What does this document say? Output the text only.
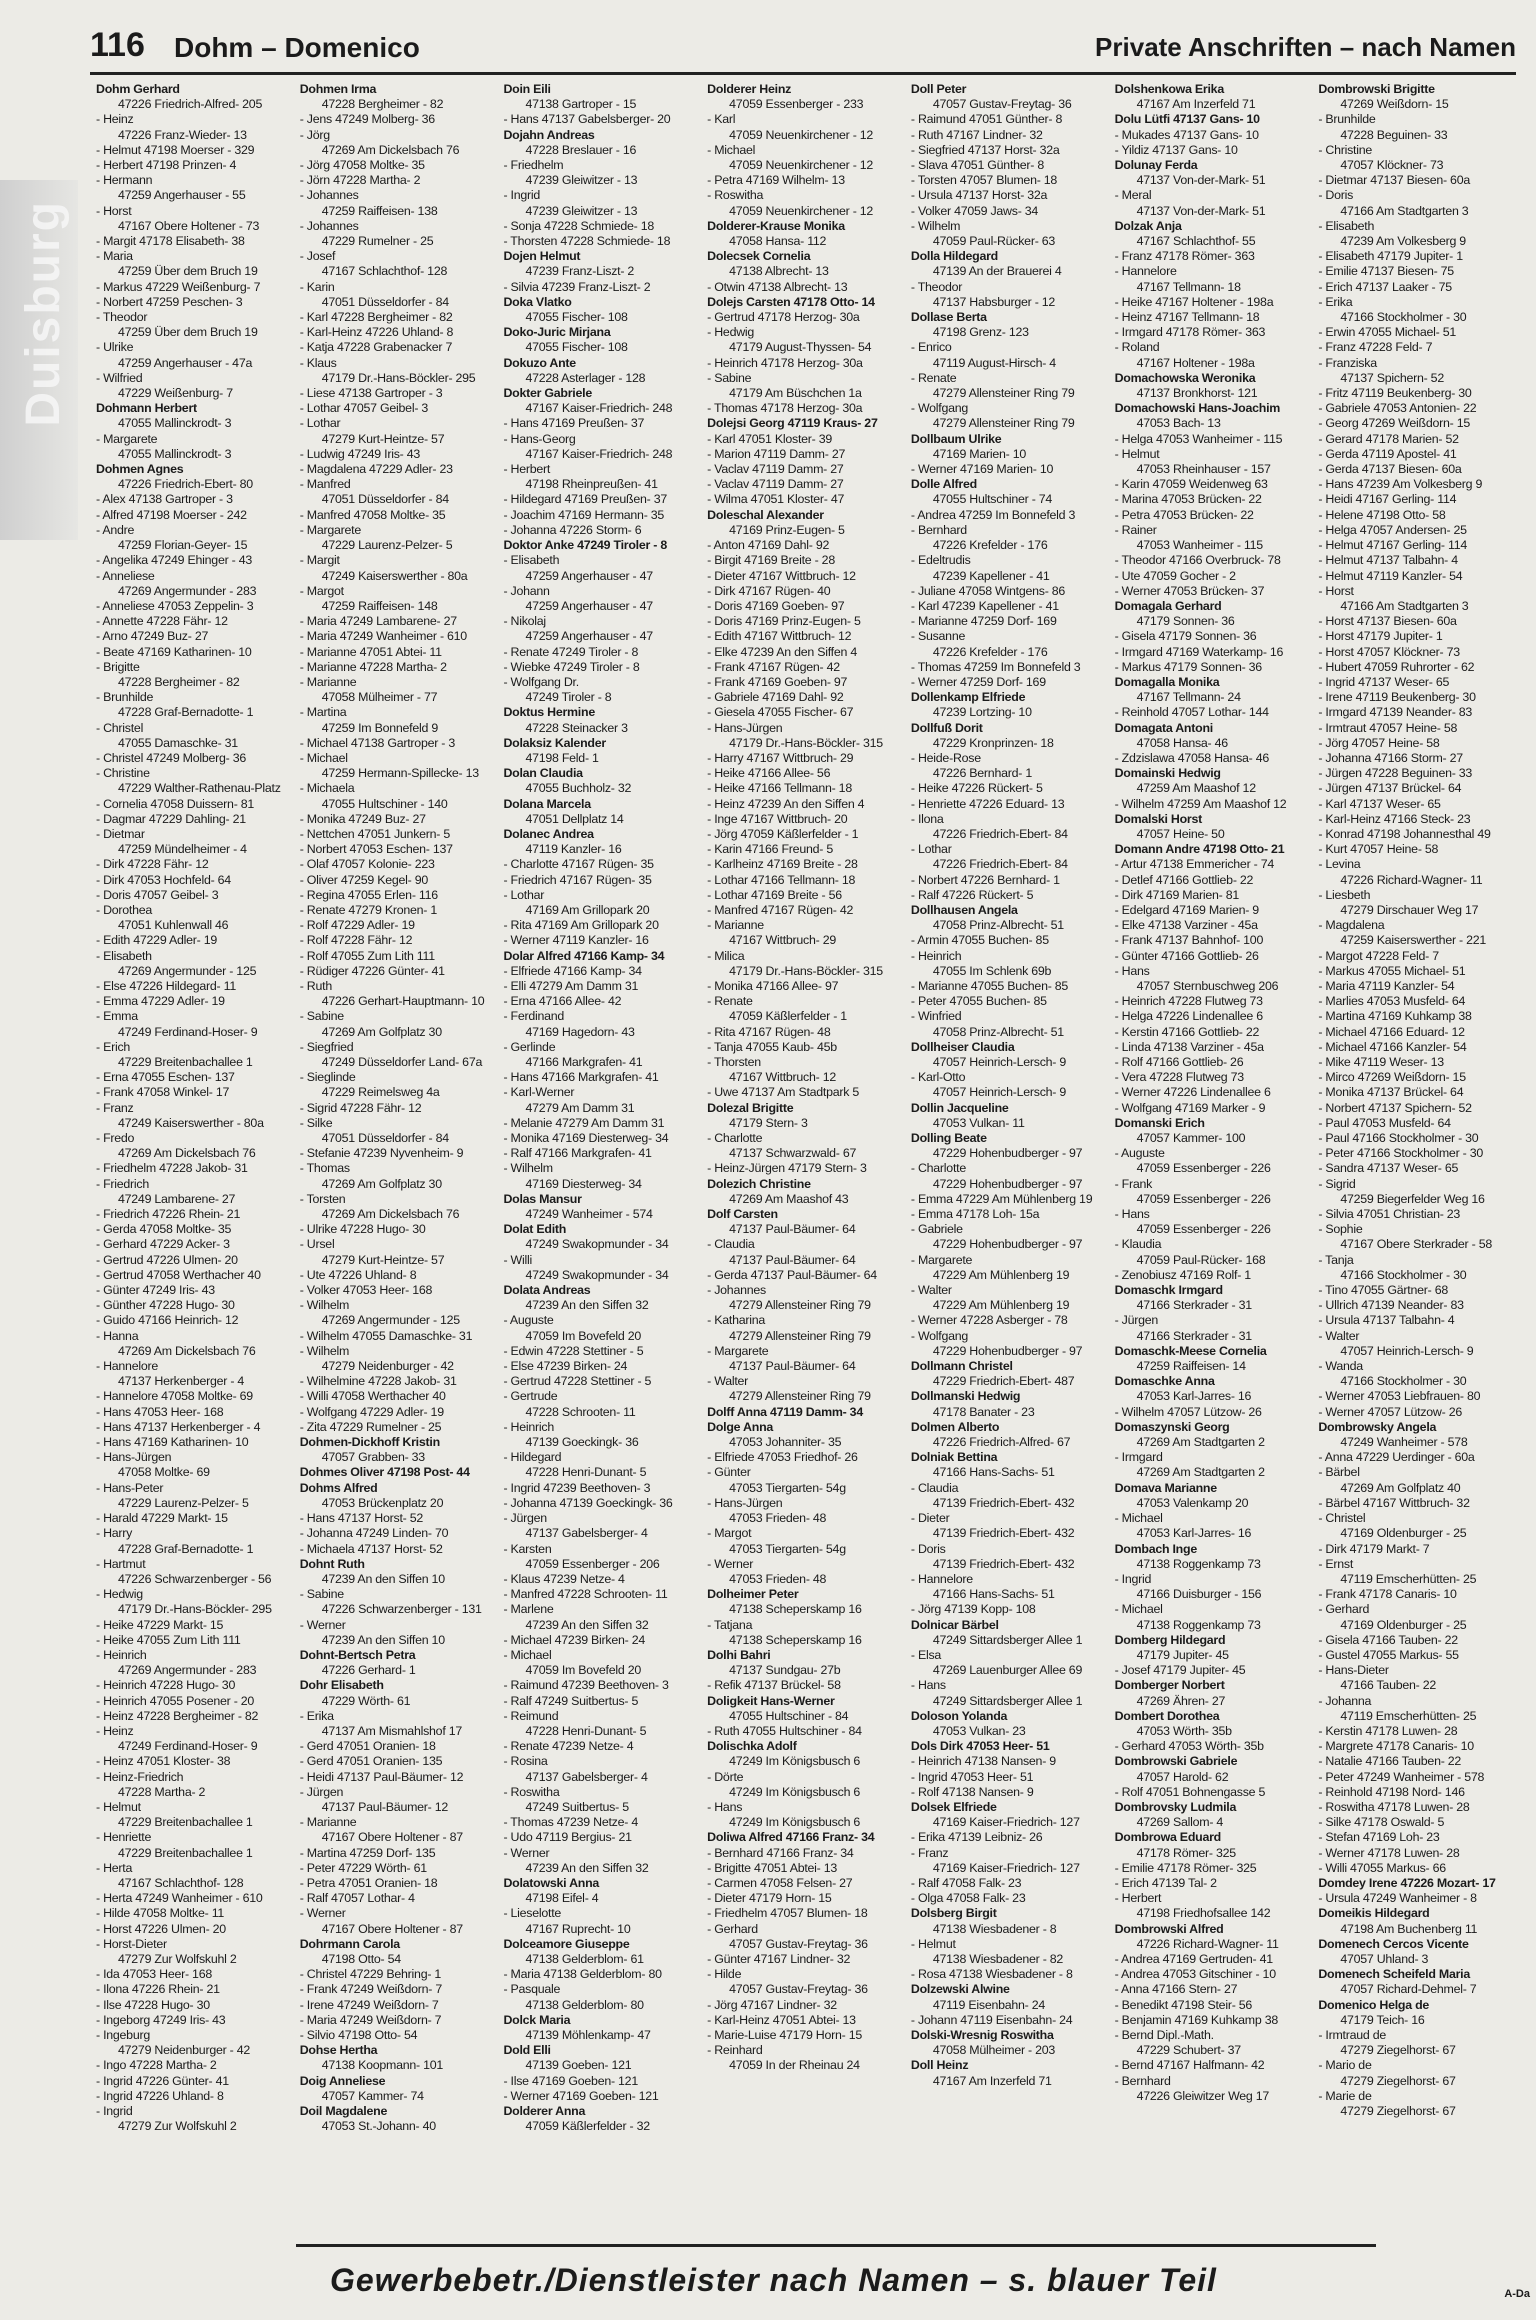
116 Dohm – Domenico	Private Anschriften – nach Namen
Duisburg
Dohm Gerhard
47226 Friedrich-Alfred- 205
- Heinz
47226 Franz-Wieder- 13
- Helmut 47198 Moerser - 329
- Herbert 47198 Prinzen- 4
- Hermann
47259 Angerhauser - 55
- Horst
47167 Obere Holtener - 73
- Margit 47178 Elisabeth- 38
- Maria
47259 Über dem Bruch 19
- Markus 47229 Weißenburg- 7
- Norbert 47259 Peschen- 3
- Theodor
47259 Über dem Bruch 19
- Ulrike
47259 Angerhauser - 47a
- Wilfried
47229 Weißenburg- 7
Dohmann Herbert
47055 Mallinckrodt- 3
- Margarete
47055 Mallinckrodt- 3
Dohmen Agnes
47226 Friedrich-Ebert- 80
- Alex 47138 Gartroper - 3
- Alfred 47198 Moerser - 242
- Andre
47259 Florian-Geyer- 15
- Angelika 47249 Ehinger - 43
- Anneliese
47269 Angermunder - 283
- Anneliese 47053 Zeppelin- 3
- Annette 47228 Fähr- 12
- Arno 47249 Buz- 27
- Beate 47169 Katharinen- 10
- Brigitte
47228 Bergheimer - 82
- Brunhilde
47228 Graf-Bernadotte- 1
- Christel
47055 Damaschke- 31
- Christel 47249 Molberg- 36
- Christine
47229 Walther-Rathenau-Platz
- Cornelia 47058 Duissern- 81
- Dagmar 47229 Dahling- 21
- Dietmar
47259 Mündelheimer - 4
- Dirk 47228 Fähr- 12
- Dirk 47053 Hochfeld- 64
- Doris 47057 Geibel- 3
- Dorothea
47051 Kuhlenwall 46
- Edith 47229 Adler- 19
- Elisabeth
47269 Angermunder - 125
- Else 47226 Hildegard- 11
- Emma 47229 Adler- 19
- Emma
47249 Ferdinand-Hoser- 9
- Erich
47229 Breitenbachallee 1
- Erna 47055 Eschen- 137
- Frank 47058 Winkel- 17
- Franz
47249 Kaiserswerther - 80a
- Fredo
47269 Am Dickelsbach 76
- Friedhelm 47228 Jakob- 31
- Friedrich
47249 Lambarene- 27
- Friedrich 47226 Rhein- 21
- Gerda 47058 Moltke- 35
- Gerhard 47229 Acker- 3
- Gertrud 47226 Ulmen- 20
- Gertrud 47058 Werthacher 40
- Günter 47249 Iris- 43
- Günther 47228 Hugo- 30
- Guido 47166 Heinrich- 12
- Hanna
47269 Am Dickelsbach 76
- Hannelore
47137 Herkenberger - 4
- Hannelore 47058 Moltke- 69
- Hans 47053 Heer- 168
- Hans 47137 Herkenberger - 4
- Hans 47169 Katharinen- 10
- Hans-Jürgen
47058 Moltke- 69
- Hans-Peter
47229 Laurenz-Pelzer- 5
- Harald 47229 Markt- 15
- Harry
47228 Graf-Bernadotte- 1
- Hartmut
47226 Schwarzenberger - 56
- Hedwig
47179 Dr.-Hans-Böckler- 295
- Heike 47229 Markt- 15
- Heike 47055 Zum Lith 111
- Heinrich
47269 Angermunder - 283
- Heinrich 47228 Hugo- 30
- Heinrich 47055 Posener - 20
- Heinz 47228 Bergheimer - 82
- Heinz
47249 Ferdinand-Hoser- 9
- Heinz 47051 Kloster- 38
- Heinz-Friedrich
47228 Martha- 2
- Helmut
47229 Breitenbachallee 1
- Henriette
47229 Breitenbachallee 1
- Herta
47167 Schlachthof- 128
- Herta 47249 Wanheimer - 610
- Hilde 47058 Moltke- 11
- Horst 47226 Ulmen- 20
- Horst-Dieter
47279 Zur Wolfskuhl 2
- Ida 47053 Heer- 168
- Ilona 47226 Rhein- 21
- Ilse 47228 Hugo- 30
- Ingeborg 47249 Iris- 43
- Ingeburg
47279 Neidenburger - 42
- Ingo 47228 Martha- 2
- Ingrid 47226 Günter- 41
- Ingrid 47226 Uhland- 8
- Ingrid
47279 Zur Wolfskuhl 2
Dohmen Irma
47228 Bergheimer - 82
- Jens 47249 Molberg- 36
- Jörg
47269 Am Dickelsbach 76
- Jörg 47058 Moltke- 35
- Jörn 47228 Martha- 2
- Johannes
47259 Raiffeisen- 138
- Johannes
47229 Rumelner - 25
- Josef
47167 Schlachthof- 128
- Karin
47051 Düsseldorfer - 84
- Karl 47228 Bergheimer - 82
- Karl-Heinz 47226 Uhland- 8
- Katja 47228 Grabenacker 7
- Klaus
47179 Dr.-Hans-Böckler- 295
- Liese 47138 Gartroper - 3
- Lothar 47057 Geibel- 3
- Lothar
47279 Kurt-Heintze- 57
- Ludwig 47249 Iris- 43
- Magdalena 47229 Adler- 23
- Manfred
47051 Düsseldorfer - 84
- Manfred 47058 Moltke- 35
- Margarete
47229 Laurenz-Pelzer- 5
- Margit
47249 Kaiserswerther - 80a
- Margot
47259 Raiffeisen- 148
- Maria 47249 Lambarene- 27
- Maria 47249 Wanheimer - 610
- Marianne 47051 Abtei- 11
- Marianne 47228 Martha- 2
- Marianne
47058 Mülheimer - 77
- Martina
47259 Im Bonnefeld 9
- Michael 47138 Gartroper - 3
- Michael
47259 Hermann-Spillecke- 13
- Michaela
47055 Hultschiner - 140
- Monika 47249 Buz- 27
- Nettchen 47051 Junkern- 5
- Norbert 47053 Eschen- 137
- Olaf 47057 Kolonie- 223
- Oliver 47259 Kegel- 90
- Regina 47055 Erlen- 116
- Renate 47279 Kronen- 1
- Rolf 47229 Adler- 19
- Rolf 47228 Fähr- 12
- Rolf 47055 Zum Lith 111
- Rüdiger 47226 Günter- 41
- Ruth
47226 Gerhart-Hauptmann- 10
- Sabine
47269 Am Golfplatz 30
- Siegfried
47249 Düsseldorfer Land- 67a
- Sieglinde
47229 Reimelsweg 4a
- Sigrid 47228 Fähr- 12
- Silke
47051 Düsseldorfer - 84
- Stefanie 47239 Nyvenheim- 9
- Thomas
47269 Am Golfplatz 30
- Torsten
47269 Am Dickelsbach 76
- Ulrike 47228 Hugo- 30
- Ursel
47279 Kurt-Heintze- 57
- Ute 47226 Uhland- 8
- Volker 47053 Heer- 168
- Wilhelm
47269 Angermunder - 125
- Wilhelm 47055 Damaschke- 31
- Wilhelm
47279 Neidenburger - 42
- Wilhelmine 47228 Jakob- 31
- Willi 47058 Werthacher 40
- Wolfgang 47229 Adler- 19
- Zita 47229 Rumelner - 25
Dohmen-Dickhoff Kristin
47057 Grabben- 33
Dohmes Oliver 47198 Post- 44
Dohms Alfred
47053 Brückenplatz 20
- Hans 47137 Horst- 52
- Johanna 47249 Linden- 70
- Michaela 47137 Horst- 52
Dohnt Ruth
47239 An den Siffen 10
- Sabine
47226 Schwarzenberger - 131
- Werner
47239 An den Siffen 10
Dohnt-Bertsch Petra
47226 Gerhard- 1
Dohr Elisabeth
47229 Wörth- 61
- Erika
47137 Am Mismahlshof 17
- Gerd 47051 Oranien- 18
- Gerd 47051 Oranien- 135
- Heidi 47137 Paul-Bäumer- 12
- Jürgen
47137 Paul-Bäumer- 12
- Marianne
47167 Obere Holtener - 87
- Martina 47259 Dorf- 135
- Peter 47229 Wörth- 61
- Petra 47051 Oranien- 18
- Ralf 47057 Lothar- 4
- Werner
47167 Obere Holtener - 87
Dohrmann Carola
47198 Otto- 54
- Christel 47229 Behring- 1
- Frank 47249 Weißdorn- 7
- Irene 47249 Weißdorn- 7
- Maria 47249 Weißdorn- 7
- Silvio 47198 Otto- 54
Dohse Hertha
47138 Koopmann- 101
Doig Anneliese
47057 Kammer- 74
Doil Magdalene
47053 St.-Johann- 40
Doin Eili
47138 Gartroper - 15
- Hans 47137 Gabelsberger- 20
Dojahn Andreas
47228 Breslauer - 16
- Friedhelm
47239 Gleiwitzer - 13
- Ingrid
47239 Gleiwitzer - 13
- Sonja 47228 Schmiede- 18
- Thorsten 47228 Schmiede- 18
Dojen Helmut
47239 Franz-Liszt- 2
- Silvia 47239 Franz-Liszt- 2
Doka Vlatko
47055 Fischer- 108
Doko-Juric Mirjana
47055 Fischer- 108
Dokuzo Ante
47228 Asterlager - 128
Dokter Gabriele
47167 Kaiser-Friedrich- 248
- Hans 47169 Preußen- 37
- Hans-Georg
47167 Kaiser-Friedrich- 248
- Herbert
47198 Rheinpreußen- 41
- Hildegard 47169 Preußen- 37
- Joachim 47169 Hermann- 35
- Johanna 47226 Storm- 6
Doktor Anke 47249 Tiroler - 8
- Elisabeth
47259 Angerhauser - 47
- Johann
47259 Angerhauser - 47
- Nikolaj
47259 Angerhauser - 47
- Renate 47249 Tiroler - 8
- Wiebke 47249 Tiroler - 8
- Wolfgang Dr.
47249 Tiroler - 8
Doktus Hermine
47228 Steinacker 3
Dolaksiz Kalender
47198 Feld- 1
Dolan Claudia
47055 Buchholz- 32
Dolana Marcela
47051 Dellplatz 14
Dolanec Andrea
47119 Kanzler- 16
- Charlotte 47167 Rügen- 35
- Friedrich 47167 Rügen- 35
- Lothar
47169 Am Grillopark 20
- Rita 47169 Am Grillopark 20
- Werner 47119 Kanzler- 16
Dolar Alfred 47166 Kamp- 34
- Elfriede 47166 Kamp- 34
- Elli 47279 Am Damm 31
- Erna 47166 Allee- 42
- Ferdinand
47169 Hagedorn- 43
- Gerlinde
47166 Markgrafen- 41
- Hans 47166 Markgrafen- 41
- Karl-Werner
47279 Am Damm 31
- Melanie 47279 Am Damm 31
- Monika 47169 Diesterweg- 34
- Ralf 47166 Markgrafen- 41
- Wilhelm
47169 Diesterweg- 34
Dolas Mansur
47249 Wanheimer - 574
Dolat Edith
47249 Swakopmunder - 34
- Willi
47249 Swakopmunder - 34
Dolata Andreas
47239 An den Siffen 32
- Auguste
47059 Im Bovefeld 20
- Edwin 47228 Stettiner - 5
- Else 47239 Birken- 24
- Gertrud 47228 Stettiner - 5
- Gertrude
47228 Schrooten- 11
- Heinrich
47139 Goeckingk- 36
- Hildegard
47228 Henri-Dunant- 5
- Ingrid 47239 Beethoven- 3
- Johanna 47139 Goeckingk- 36
- Jürgen
47137 Gabelsberger- 4
- Karsten
47059 Essenberger - 206
- Klaus 47239 Netze- 4
- Manfred 47228 Schrooten- 11
- Marlene
47239 An den Siffen 32
- Michael 47239 Birken- 24
- Michael
47059 Im Bovefeld 20
- Raimund 47239 Beethoven- 3
- Ralf 47249 Suitbertus- 5
- Reimund
47228 Henri-Dunant- 5
- Renate 47239 Netze- 4
- Rosina
47137 Gabelsberger- 4
- Roswitha
47249 Suitbertus- 5
- Thomas 47239 Netze- 4
- Udo 47119 Bergius- 21
- Werner
47239 An den Siffen 32
Dolatowski Anna
47198 Eifel- 4
- Lieselotte
47167 Ruprecht- 10
Dolceamore Giuseppe
47138 Gelderblom- 61
- Maria 47138 Gelderblom- 80
- Pasquale
47138 Gelderblom- 80
Dolck Maria
47139 Möhlenkamp- 47
Dold Elli
47139 Goeben- 121
- Ilse 47169 Goeben- 121
- Werner 47169 Goeben- 121
Dolderer Anna
47059 Käßlerfelder - 32
Dolderer Heinz
47059 Essenberger - 233
- Karl
47059 Neuenkirchener - 12
- Michael
47059 Neuenkirchener - 12
- Petra 47169 Wilhelm- 13
- Roswitha
47059 Neuenkirchener - 12
Dolderer-Krause Monika
47058 Hansa- 112
Dolecsek Cornelia
47138 Albrecht- 13
- Otwin 47138 Albrecht- 13
Dolejs Carsten 47178 Otto- 14
- Gertrud 47178 Herzog- 30a
- Hedwig
47179 August-Thyssen- 54
- Heinrich 47178 Herzog- 30a
- Sabine
47179 Am Büschchen 1a
- Thomas 47178 Herzog- 30a
Dolejsi Georg 47119 Kraus- 27
- Karl 47051 Kloster- 39
- Marion 47119 Damm- 27
- Vaclav 47119 Damm- 27
- Vaclav 47119 Damm- 27
- Wilma 47051 Kloster- 47
Doleschal Alexander
47169 Prinz-Eugen- 5
- Anton 47169 Dahl- 92
- Birgit 47169 Breite - 28
- Dieter 47167 Wittbruch- 12
- Dirk 47167 Rügen- 40
- Doris 47169 Goeben- 97
- Doris 47169 Prinz-Eugen- 5
- Edith 47167 Wittbruch- 12
- Elke 47239 An den Siffen 4
- Frank 47167 Rügen- 42
- Frank 47169 Goeben- 97
- Gabriele 47169 Dahl- 92
- Giesela 47055 Fischer- 67
- Hans-Jürgen
47179 Dr.-Hans-Böckler- 315
- Harry 47167 Wittbruch- 29
- Heike 47166 Allee- 56
- Heike 47166 Tellmann- 18
- Heinz 47239 An den Siffen 4
- Inge 47167 Wittbruch- 20
- Jörg 47059 Käßlerfelder - 1
- Karin 47166 Freund- 5
- Karlheinz 47169 Breite - 28
- Lothar 47166 Tellmann- 18
- Lothar 47169 Breite - 56
- Manfred 47167 Rügen- 42
- Marianne
47167 Wittbruch- 29
- Milica
47179 Dr.-Hans-Böckler- 315
- Monika 47166 Allee- 97
- Renate
47059 Käßlerfelder - 1
- Rita 47167 Rügen- 48
- Tanja 47055 Kaub- 45b
- Thorsten
47167 Wittbruch- 12
- Uwe 47137 Am Stadtpark 5
Dolezal Brigitte
47179 Stern- 3
- Charlotte
47137 Schwarzwald- 67
- Heinz-Jürgen 47179 Stern- 3
Dolezich Christine
47269 Am Maashof 43
Dolf Carsten
47137 Paul-Bäumer- 64
- Claudia
47137 Paul-Bäumer- 64
- Gerda 47137 Paul-Bäumer- 64
- Johannes
47279 Allensteiner Ring 79
- Katharina
47279 Allensteiner Ring 79
- Margarete
47137 Paul-Bäumer- 64
- Walter
47279 Allensteiner Ring 79
Dolff Anna 47119 Damm- 34
Dolge Anna
47053 Johanniter- 35
- Elfriede 47053 Friedhof- 26
- Günter
47053 Tiergarten- 54g
- Hans-Jürgen
47053 Frieden- 48
- Margot
47053 Tiergarten- 54g
- Werner
47053 Frieden- 48
Dolheimer Peter
47138 Scheperskamp 16
- Tatjana
47138 Scheperskamp 16
Dolhi Bahri
47137 Sundgau- 27b
- Refik 47137 Brückel- 58
Doligkeit Hans-Werner
47055 Hultschiner - 84
- Ruth 47055 Hultschiner - 84
Dolischka Adolf
47249 Im Königsbusch 6
- Dörte
47249 Im Königsbusch 6
- Hans
47249 Im Königsbusch 6
Doliwa Alfred 47166 Franz- 34
- Bernhard 47166 Franz- 34
- Brigitte 47051 Abtei- 13
- Carmen 47058 Felsen- 27
- Dieter 47179 Horn- 15
- Friedhelm 47057 Blumen- 18
- Gerhard
47057 Gustav-Freytag- 36
- Günter 47167 Lindner- 32
- Hilde
47057 Gustav-Freytag- 36
- Jörg 47167 Lindner- 32
- Karl-Heinz 47051 Abtei- 13
- Marie-Luise 47179 Horn- 15
- Reinhard
47059 In der Rheinau 24
Doll Peter
47057 Gustav-Freytag- 36
- Raimund 47051 Günther- 8
- Ruth 47167 Lindner- 32
- Siegfried 47137 Horst- 32a
- Slava 47051 Günther- 8
- Torsten 47057 Blumen- 18
- Ursula 47137 Horst- 32a
- Volker 47059 Jaws- 34
- Wilhelm
47059 Paul-Rücker- 63
Dolla Hildegard
47139 An der Brauerei 4
- Theodor
47137 Habsburger - 12
Dollase Berta
47198 Grenz- 123
- Enrico
47119 August-Hirsch- 4
- Renate
47279 Allensteiner Ring 79
- Wolfgang
47279 Allensteiner Ring 79
Dollbaum Ulrike
47169 Marien- 10
- Werner 47169 Marien- 10
Dolle Alfred
47055 Hultschiner - 74
- Andrea 47259 Im Bonnefeld 3
- Bernhard
47226 Krefelder - 176
- Edeltrudis
47239 Kapellener - 41
- Juliane 47058 Wintgens- 86
- Karl 47239 Kapellener - 41
- Marianne 47259 Dorf- 169
- Susanne
47226 Krefelder - 176
- Thomas 47259 Im Bonnefeld 3
- Werner 47259 Dorf- 169
Dollenkamp Elfriede
47239 Lortzing- 10
Dollfuß Dorit
47229 Kronprinzen- 18
- Heide-Rose
47226 Bernhard- 1
- Heike 47226 Rückert- 5
- Henriette 47226 Eduard- 13
- Ilona
47226 Friedrich-Ebert- 84
- Lothar
47226 Friedrich-Ebert- 84
- Norbert 47226 Bernhard- 1
- Ralf 47226 Rückert- 5
Dollhausen Angela
47058 Prinz-Albrecht- 51
- Armin 47055 Buchen- 85
- Heinrich
47055 Im Schlenk 69b
- Marianne 47055 Buchen- 85
- Peter 47055 Buchen- 85
- Winfried
47058 Prinz-Albrecht- 51
Dollheiser Claudia
47057 Heinrich-Lersch- 9
- Karl-Otto
47057 Heinrich-Lersch- 9
Dollin Jacqueline
47053 Vulkan- 11
Dolling Beate
47229 Hohenbudberger - 97
- Charlotte
47229 Hohenbudberger - 97
- Emma 47229 Am Mühlenberg 19
- Emma 47178 Loh- 15a
- Gabriele
47229 Hohenbudberger - 97
- Margarete
47229 Am Mühlenberg 19
- Walter
47229 Am Mühlenberg 19
- Werner 47228 Asberger - 78
- Wolfgang
47229 Hohenbudberger - 97
Dollmann Christel
47229 Friedrich-Ebert- 487
Dollmanski Hedwig
47178 Banater - 23
Dolmen Alberto
47226 Friedrich-Alfred- 67
Dolniak Bettina
47166 Hans-Sachs- 51
- Claudia
47139 Friedrich-Ebert- 432
- Dieter
47139 Friedrich-Ebert- 432
- Doris
47139 Friedrich-Ebert- 432
- Hannelore
47166 Hans-Sachs- 51
- Jörg 47139 Kopp- 108
Dolnicar Bärbel
47249 Sittardsberger Allee 1
- Elsa
47269 Lauenburger Allee 69
- Hans
47249 Sittardsberger Allee 1
Doloson Yolanda
47053 Vulkan- 23
Dols Dirk 47053 Heer- 51
- Heinrich 47138 Nansen- 9
- Ingrid 47053 Heer- 51
- Rolf 47138 Nansen- 9
Dolsek Elfriede
47169 Kaiser-Friedrich- 127
- Erika 47139 Leibniz- 26
- Franz
47169 Kaiser-Friedrich- 127
- Ralf 47058 Falk- 23
- Olga 47058 Falk- 23
Dolsberg Birgit
47138 Wiesbadener - 8
- Helmut
47138 Wiesbadener - 82
- Rosa 47138 Wiesbadener - 8
Dolzewski Alwine
47119 Eisenbahn- 24
- Johann 47119 Eisenbahn- 24
Dolski-Wresnig Roswitha
47058 Mülheimer - 203
Doll Heinz
47167 Am Inzerfeld 71
Dolshenkowa Erika
47167 Am Inzerfeld 71
Dolu Lütfi 47137 Gans- 10
- Mukades 47137 Gans- 10
- Yildiz 47137 Gans- 10
Dolunay Ferda
47137 Von-der-Mark- 51
- Meral
47137 Von-der-Mark- 51
Dolzak Anja
47167 Schlachthof- 55
- Franz 47178 Römer- 363
- Hannelore
47167 Tellmann- 18
- Heike 47167 Holtener - 198a
- Heinz 47167 Tellmann- 18
- Irmgard 47178 Römer- 363
- Roland
47167 Holtener - 198a
Domachowska Weronika
47137 Bronkhorst- 121
Domachowski Hans-Joachim
47053 Bach- 13
- Helga 47053 Wanheimer - 115
- Helmut
47053 Rheinhauser - 157
- Karin 47059 Weidenweg 63
- Marina 47053 Brücken- 22
- Petra 47053 Brücken- 22
- Rainer
47053 Wanheimer - 115
- Theodor 47166 Overbruck- 78
- Ute 47059 Gocher - 2
- Werner 47053 Brücken- 37
Domagala Gerhard
47179 Sonnen- 36
- Gisela 47179 Sonnen- 36
- Irmgard 47169 Waterkamp- 16
- Markus 47179 Sonnen- 36
Domagalla Monika
47167 Tellmann- 24
- Reinhold 47057 Lothar- 144
Domagata Antoni
47058 Hansa- 46
- Zdzislawa 47058 Hansa- 46
Domainski Hedwig
47259 Am Maashof 12
- Wilhelm 47259 Am Maashof 12
Domalski Horst
47057 Heine- 50
Domann Andre 47198 Otto- 21
- Artur 47138 Emmericher - 74
- Detlef 47166 Gottlieb- 22
- Dirk 47169 Marien- 81
- Edelgard 47169 Marien- 9
- Elke 47138 Varziner - 45a
- Frank 47137 Bahnhof- 100
- Günter 47166 Gottlieb- 26
- Hans
47057 Sternbuschweg 206
- Heinrich 47228 Flutweg 73
- Helga 47226 Lindenallee 6
- Kerstin 47166 Gottlieb- 22
- Linda 47138 Varziner - 45a
- Rolf 47166 Gottlieb- 26
- Vera 47228 Flutweg 73
- Werner 47226 Lindenallee 6
- Wolfgang 47169 Marker - 9
Domanski Erich
47057 Kammer- 100
- Auguste
47059 Essenberger - 226
- Frank
47059 Essenberger - 226
- Hans
47059 Essenberger - 226
- Klaudia
47059 Paul-Rücker- 168
- Zenobiusz 47169 Rolf- 1
Domaschk Irmgard
47166 Sterkrader - 31
- Jürgen
47166 Sterkrader - 31
Domaschk-Meese Cornelia
47259 Raiffeisen- 14
Domaschke Anna
47053 Karl-Jarres- 16
- Wilhelm 47057 Lützow- 26
Domaszynski Georg
47269 Am Stadtgarten 2
- Irmgard
47269 Am Stadtgarten 2
Domava Marianne
47053 Valenkamp 20
- Michael
47053 Karl-Jarres- 16
Dombach Inge
47138 Roggenkamp 73
- Ingrid
47166 Duisburger - 156
- Michael
47138 Roggenkamp 73
Domberg Hildegard
47179 Jupiter- 45
- Josef 47179 Jupiter- 45
Domberger Norbert
47269 Ähren- 27
Dombert Dorothea
47053 Wörth- 35b
- Gerhard 47053 Wörth- 35b
Dombrowski Gabriele
47057 Harold- 62
- Rolf 47051 Bohnengasse 5
Dombrovsky Ludmila
47269 Sallom- 4
Dombrowa Eduard
47178 Römer- 325
- Emilie 47178 Römer- 325
- Erich 47139 Tal- 2
- Herbert
47198 Friedhofsallee 142
Dombrowski Alfred
47226 Richard-Wagner- 11
- Andrea 47169 Gertruden- 41
- Andrea 47053 Gitschiner - 10
- Anna 47166 Stern- 27
- Benedikt 47198 Steir- 56
- Benjamin 47169 Kuhkamp 38
- Bernd Dipl.-Math.
47229 Schubert- 37
- Bernd 47167 Halfmann- 42
- Bernhard
47226 Gleiwitzer Weg 17
Dombrowski Brigitte
47269 Weißdorn- 15
- Brunhilde
47228 Beguinen- 33
- Christine
47057 Klöckner- 73
- Dietmar 47137 Biesen- 60a
- Doris
47166 Am Stadtgarten 3
- Elisabeth
47239 Am Volkesberg 9
- Elisabeth 47179 Jupiter- 1
- Emilie 47137 Biesen- 75
- Erich 47137 Laaker - 75
- Erika
47166 Stockholmer - 30
- Erwin 47055 Michael- 51
- Franz 47228 Feld- 7
- Franziska
47137 Spichern- 52
- Fritz 47119 Beukenberg- 30
- Gabriele 47053 Antonien- 22
- Georg 47269 Weißdorn- 15
- Gerard 47178 Marien- 52
- Gerda 47119 Apostel- 41
- Gerda 47137 Biesen- 60a
- Hans 47239 Am Volkesberg 9
- Heidi 47167 Gerling- 114
- Helene 47198 Otto- 58
- Helga 47057 Andersen- 25
- Helmut 47167 Gerling- 114
- Helmut 47137 Talbahn- 4
- Helmut 47119 Kanzler- 54
- Horst
47166 Am Stadtgarten 3
- Horst 47137 Biesen- 60a
- Horst 47179 Jupiter- 1
- Horst 47057 Klöckner- 73
- Hubert 47059 Ruhrorter - 62
- Ingrid 47137 Weser- 65
- Irene 47119 Beukenberg- 30
- Irmgard 47139 Neander- 83
- Irmtraut 47057 Heine- 58
- Jörg 47057 Heine- 58
- Johanna 47166 Storm- 27
- Jürgen 47228 Beguinen- 33
- Jürgen 47137 Brückel- 64
- Karl 47137 Weser- 65
- Karl-Heinz 47166 Steck- 23
- Konrad 47198 Johannesthal 49
- Kurt 47057 Heine- 58
- Levina
47226 Richard-Wagner- 11
- Liesbeth
47279 Dirschauer Weg 17
- Magdalena
47259 Kaiserswerther - 221
- Margot 47228 Feld- 7
- Markus 47055 Michael- 51
- Maria 47119 Kanzler- 54
- Marlies 47053 Musfeld- 64
- Martina 47169 Kuhkamp 38
- Michael 47166 Eduard- 12
- Michael 47166 Kanzler- 54
- Mike 47119 Weser- 13
- Mirco 47269 Weißdorn- 15
- Monika 47137 Brückel- 64
- Norbert 47137 Spichern- 52
- Paul 47053 Musfeld- 64
- Paul 47166 Stockholmer - 30
- Peter 47166 Stockholmer - 30
- Sandra 47137 Weser- 65
- Sigrid
47259 Biegerfelder Weg 16
- Silvia 47051 Christian- 23
- Sophie
47167 Obere Sterkrader - 58
- Tanja
47166 Stockholmer - 30
- Tino 47055 Gärtner- 68
- Ullrich 47139 Neander- 83
- Ursula 47137 Talbahn- 4
- Walter
47057 Heinrich-Lersch- 9
- Wanda
47166 Stockholmer - 30
- Werner 47053 Liebfrauen- 80
- Werner 47057 Lützow- 26
Dombrowsky Angela
47249 Wanheimer - 578
- Anna 47229 Uerdinger - 60a
- Bärbel
47269 Am Golfplatz 40
- Bärbel 47167 Wittbruch- 32
- Christel
47169 Oldenburger - 25
- Dirk 47179 Markt- 7
- Ernst
47119 Emscherhütten- 25
- Frank 47178 Canaris- 10
- Gerhard
47169 Oldenburger - 25
- Gisela 47166 Tauben- 22
- Gustel 47055 Markus- 55
- Hans-Dieter
47166 Tauben- 22
- Johanna
47119 Emscherhütten- 25
- Kerstin 47178 Luwen- 28
- Margrete 47178 Canaris- 10
- Natalie 47166 Tauben- 22
- Peter 47249 Wanheimer - 578
- Reinhold 47198 Nord- 146
- Roswitha 47178 Luwen- 28
- Silke 47178 Oswald- 5
- Stefan 47169 Loh- 23
- Werner 47178 Luwen- 28
- Willi 47055 Markus- 66
Domdey Irene 47226 Mozart- 17
- Ursula 47249 Wanheimer - 8
Domeikis Hildegard
47198 Am Buchenberg 11
Domenech Cercos Vicente
47057 Uhland- 3
Domenech Scheifeld Maria
47057 Richard-Dehmel- 7
Domenico Helga de
47179 Teich- 16
- Irmtraud de
47279 Ziegelhorst- 67
- Mario de
47279 Ziegelhorst- 67
- Marie de
47279 Ziegelhorst- 67
Gewerbebetr./Dienstleister nach Namen – s. blauer Teil	A-Da
